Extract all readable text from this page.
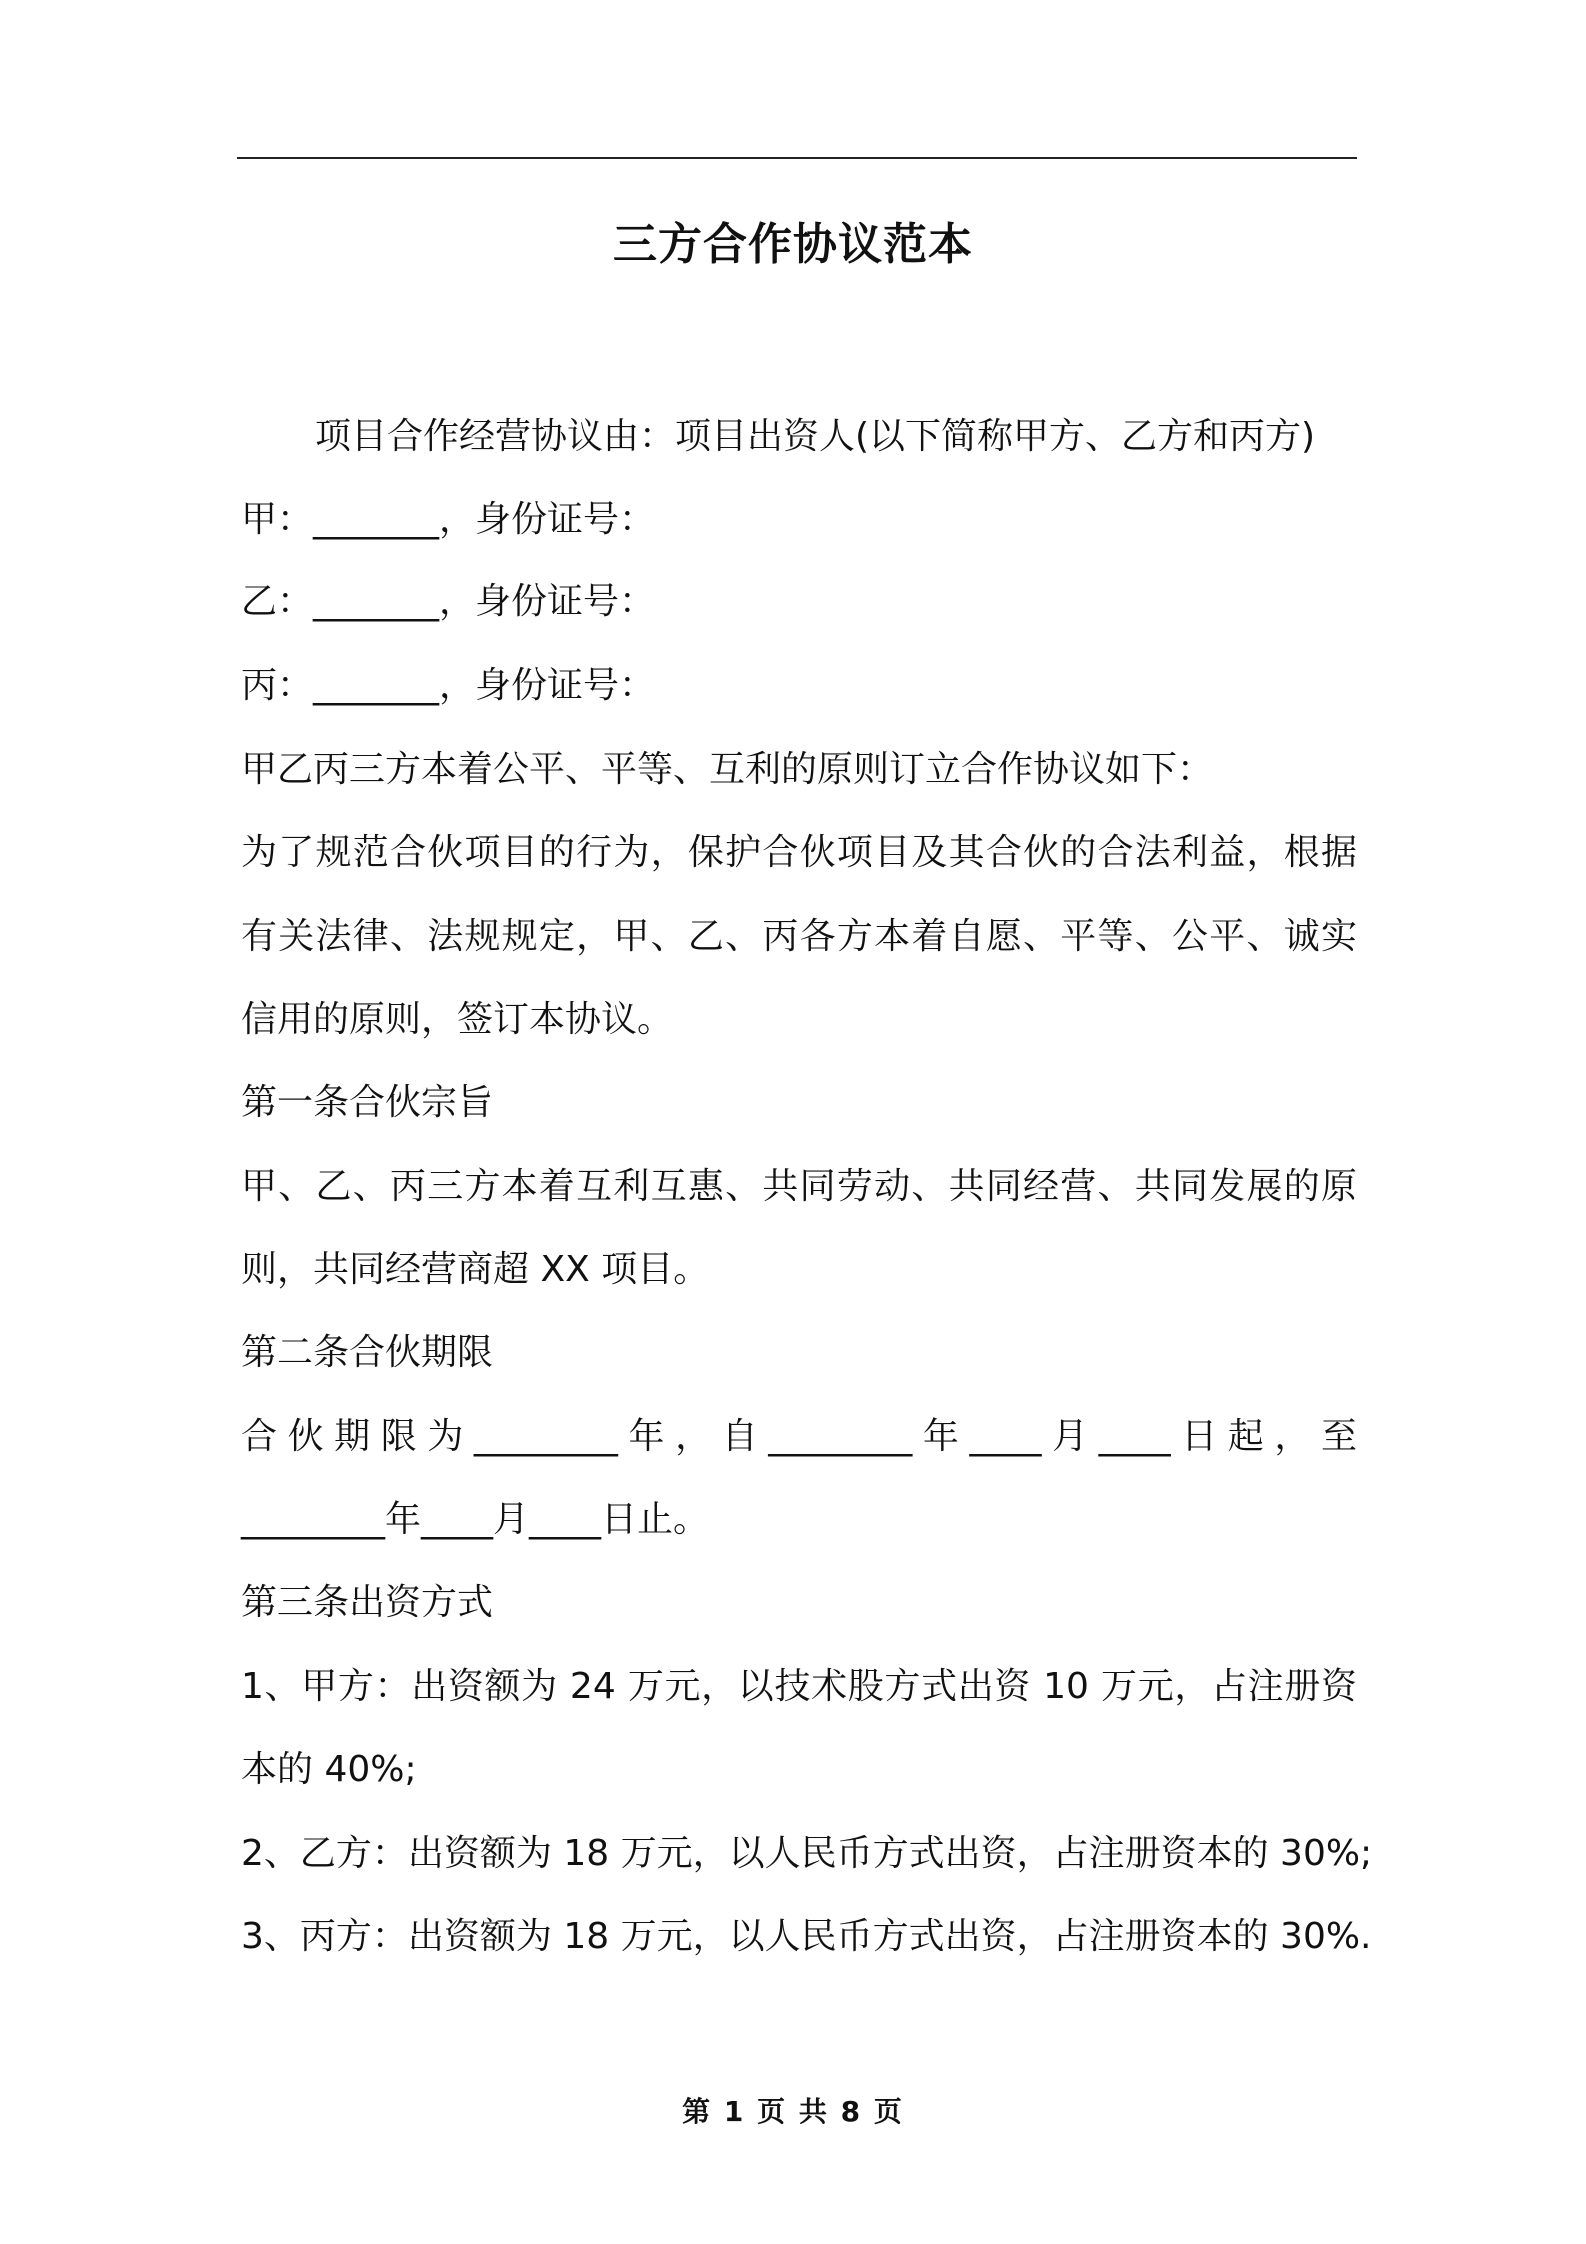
三方合作协议范本
项目合作经营协议由：项目出资人(以下简称甲方、乙方和丙方)
甲：_______，身份证号：
乙：_______，身份证号：
丙：_______，身份证号：
甲乙丙三方本着公平、平等、互利的原则订立合作协议如下：
为了规范合伙项目的行为，保护合伙项目及其合伙的合法利益，根据
有关法律、法规规定，甲、乙、丙各方本着自愿、平等、公平、诚实
信用的原则，签订本协议。
第一条合伙宗旨
甲、乙、丙三方本着互利互惠、共同劳动、共同经营、共同发展的原
则，共同经营商超 XX 项目。
第二条合伙期限
合伙期限为________年，自________年____月____日起，至
________年____月____日止。
第三条出资方式
1、甲方：出资额为 24 万元，以技术股方式出资 10 万元，占注册资
本的 40%;
2、乙方：出资额为 18 万元，以人民币方式出资，占注册资本的 30%;
3、丙方：出资额为 18 万元，以人民币方式出资，占注册资本的 30%.
第 1 页 共 8 页
